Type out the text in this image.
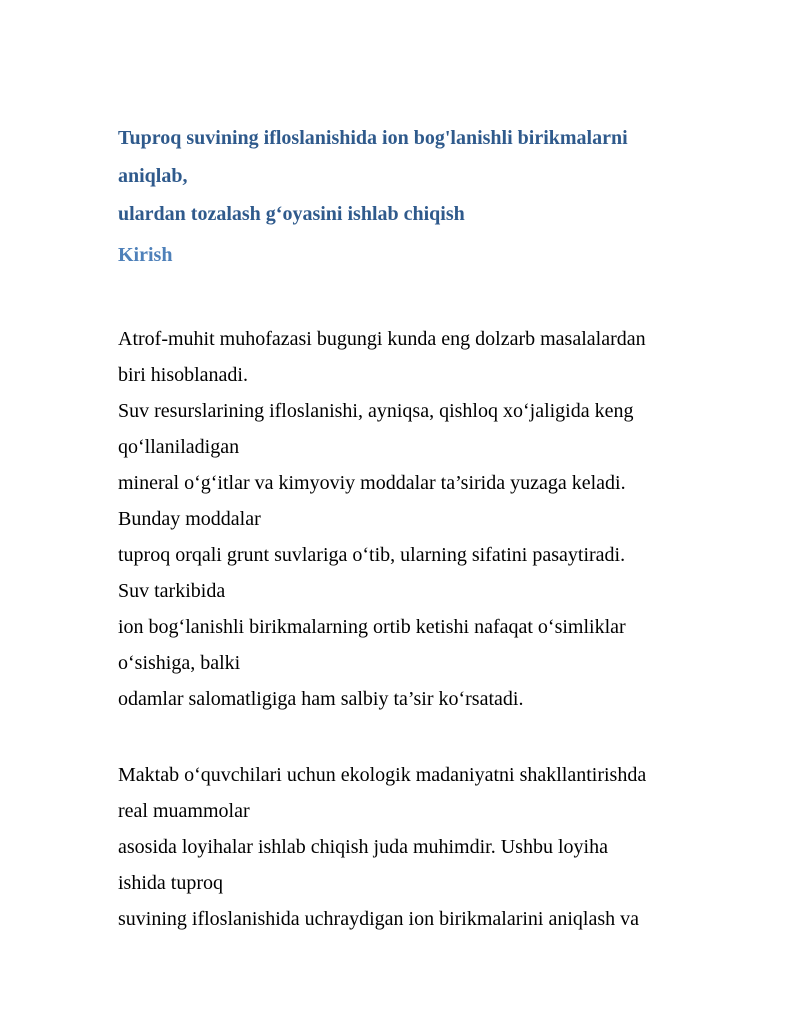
Tuproq suvining ifloslanishida ion bog'lanishli birikmalarni
aniqlab,
ulardan tozalash g‘oyasini ishlab chiqish
Kirish
Atrof-muhit muhofazasi bugungi kunda eng dolzarb masalalardan
biri hisoblanadi.
Suv resurslarining ifloslanishi, ayniqsa, qishloq xo‘jaligida keng
qo‘llaniladigan
mineral o‘g‘itlar va kimyoviy moddalar ta’sirida yuzaga keladi.
Bunday moddalar
tuproq orqali grunt suvlariga o‘tib, ularning sifatini pasaytiradi.
Suv tarkibida
ion bog‘lanishli birikmalarning ortib ketishi nafaqat o‘simliklar
o‘sishiga, balki
odamlar salomatligiga ham salbiy ta’sir ko‘rsatadi.
Maktab o‘quvchilari uchun ekologik madaniyatni shakllantirishda
real muammolar
asosida loyihalar ishlab chiqish juda muhimdir. Ushbu loyiha
ishida tuproq
suvining ifloslanishida uchraydigan ion birikmalarini aniqlash va
